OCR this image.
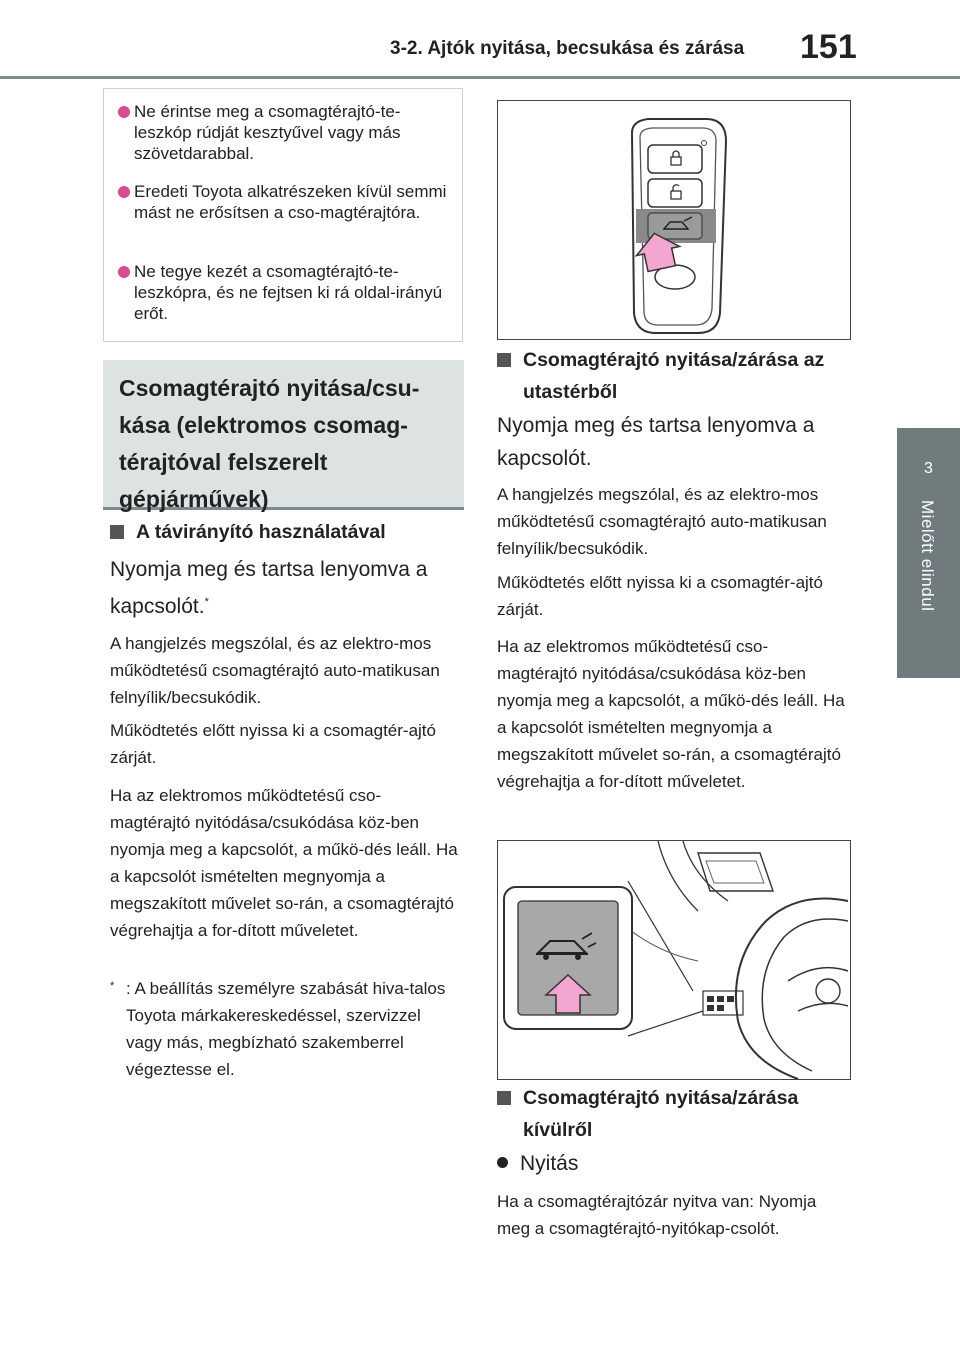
3-2. Ajtók nyitása, becsukása és zárása 151
3
Mielőtt elindul
Ne érintse meg a csomagtérajtó-te-leszkóp rúdját kesztyűvel vagy más szövetdarabbal.
Eredeti Toyota alkatrészeken kívül semmi mást ne erősítsen a cso-magtérajtóra.
Ne tegye kezét a csomagtérajtó-te-leszkópra, és ne fejtsen ki rá oldal-irányú erőt.
Csomagtérajtó nyitása/csu-kása (elektromos csomag-térajtóval felszerelt gépjárművek)
A távirányító használatával
Nyomja meg és tartsa lenyomva a kapcsolót.*
A hangjelzés megszólal, és az elektro-mos működtetésű csomagtérajtó auto-matikusan felnyílik/becsukódik.
Működtetés előtt nyissa ki a csomagtér-ajtó zárját.
Ha az elektromos működtetésű cso-magtérajtó nyitódása/csukódása köz-ben nyomja meg a kapcsolót, a műkö-dés leáll. Ha a kapcsolót ismételten megnyomja a megszakított művelet so-rán, a csomagtérajtó végrehajtja a for-dított műveletet.
* : A beállítás személyre szabását hiva-talos Toyota márkakereskedéssel, szervizzel vagy más, megbízható szakemberrel végeztesse el.
Csomagtérajtó nyitása/zárása az utastérből
Nyomja meg és tartsa lenyomva a kapcsolót.
A hangjelzés megszólal, és az elektro-mos működtetésű csomagtérajtó auto-matikusan felnyílik/becsukódik.
Működtetés előtt nyissa ki a csomagtér-ajtó zárját.
Ha az elektromos működtetésű cso-magtérajtó nyitódása/csukódása köz-ben nyomja meg a kapcsolót, a műkö-dés leáll. Ha a kapcsolót ismételten megnyomja a megszakított művelet so-rán, a csomagtérajtó végrehajtja a for-dított műveletet.
Csomagtérajtó nyitása/zárása kívülről
Nyitás
Ha a csomagtérajtózár nyitva van: Nyomja meg a csomagtérajtó-nyitókap-csolót.
